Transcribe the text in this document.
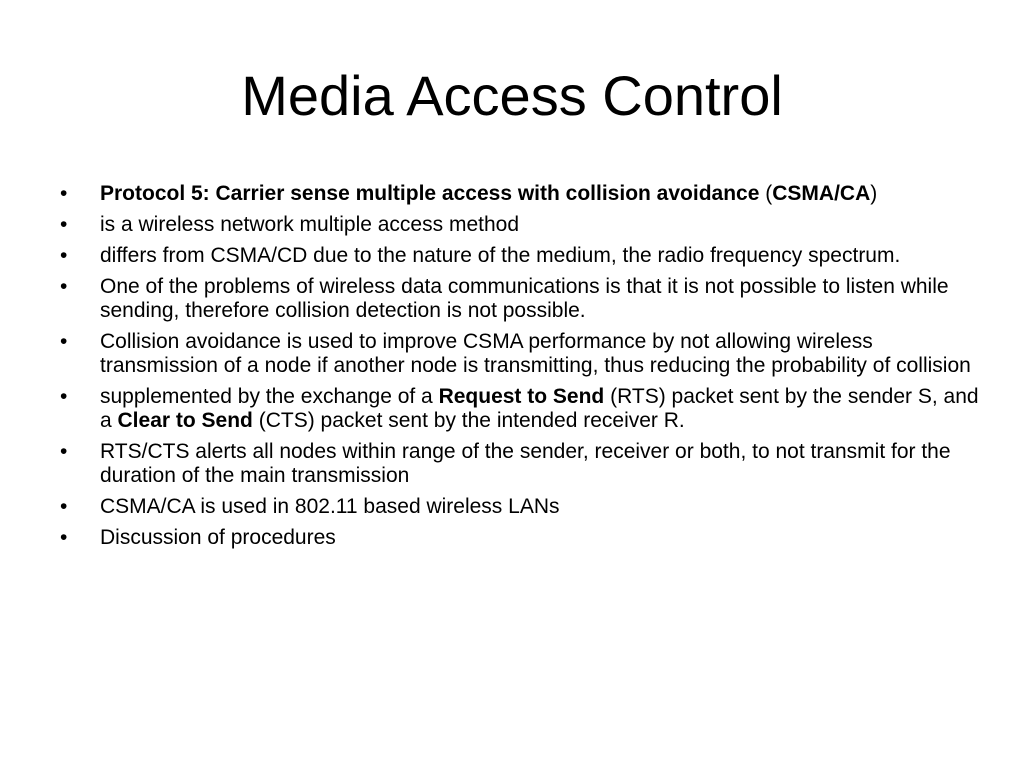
Media Access Control
• Protocol 5: Carrier sense multiple access with collision avoidance (CSMA/CA)
• is a wireless network multiple access method
• differs from CSMA/CD due to the nature of the medium, the radio frequency spectrum.
• One of the problems of wireless data communications is that it is not possible to listen while sending, therefore collision detection is not possible.
• Collision avoidance is used to improve CSMA performance by not allowing wireless transmission of a node if another node is transmitting, thus reducing the probability of collision
• supplemented by the exchange of a Request to Send (RTS) packet sent by the sender S, and a Clear to Send (CTS) packet sent by the intended receiver R.
• RTS/CTS alerts all nodes within range of the sender, receiver or both, to not transmit for the duration of the main transmission
• CSMA/CA is used in 802.11 based wireless LANs
• Discussion of procedures
